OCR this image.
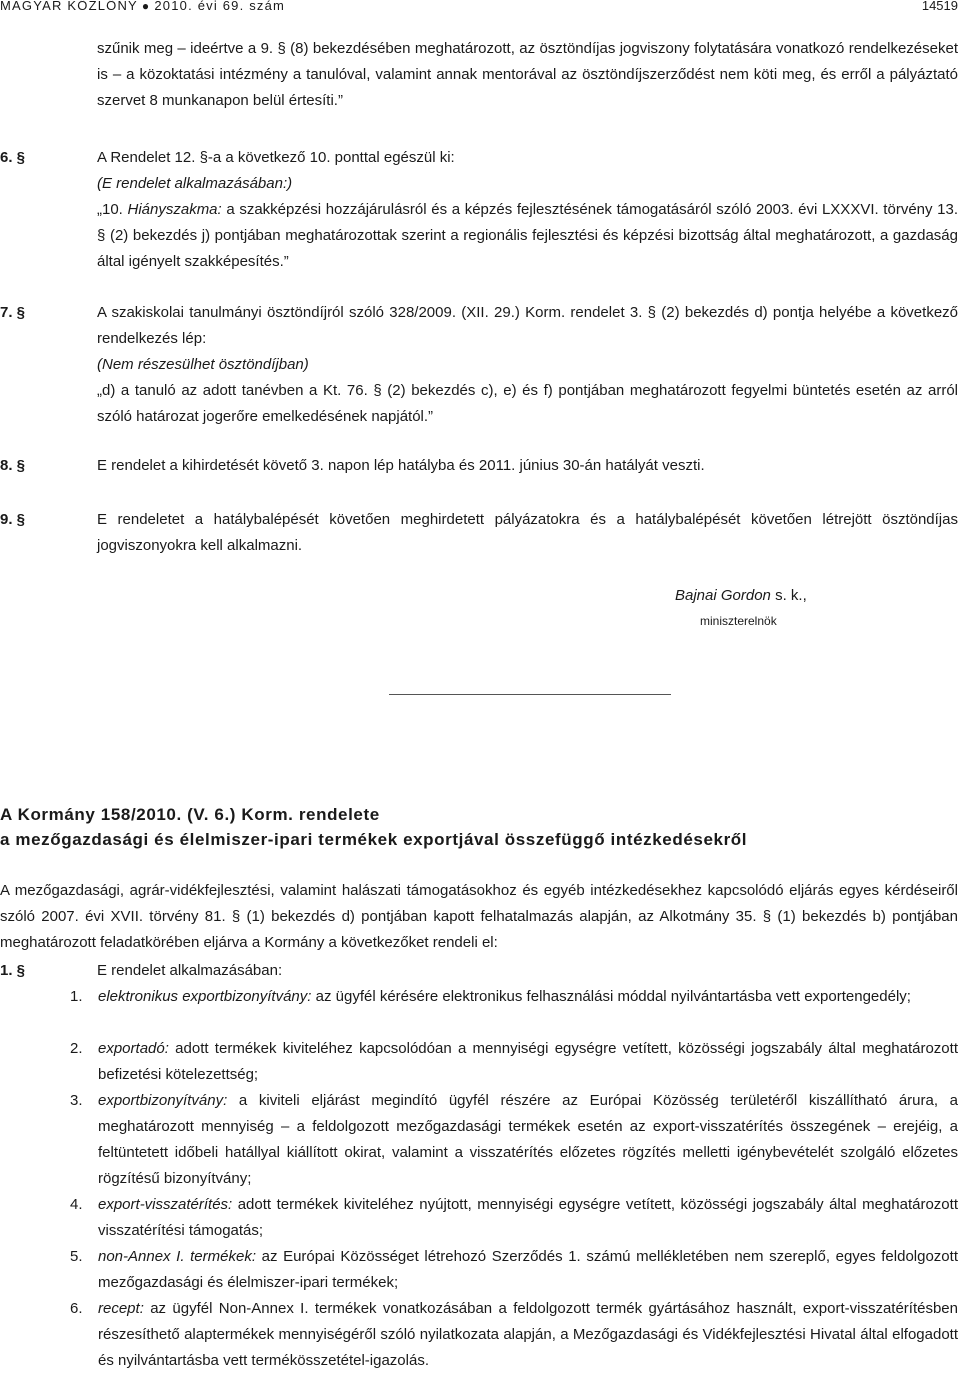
MAGYAR KÖZLÖNY ● 2010. évi 69. szám	14519
szűnik meg – ideértve a 9. § (8) bekezdésében meghatározott, az ösztöndíjas jogviszony folytatására vonatkozó rendelkezéseket is – a közoktatási intézmény a tanulóval, valamint annak mentorával az ösztöndíjszerződést nem köti meg, és erről a pályáztató szervet 8 munkanapon belül értesíti.”
6. §	A Rendelet 12. §-a a következő 10. ponttal egészül ki:
(E rendelet alkalmazásában:)
„10. Hiányszakma: a szakképzési hozzájárulásról és a képzés fejlesztésének támogatásáról szóló 2003. évi LXXXVI. törvény 13. § (2) bekezdés j) pontjában meghatározottak szerint a regionális fejlesztési és képzési bizottság által meghatározott, a gazdaság által igényelt szakképesítés.”
7. §	A szakiskolai tanulmányi ösztöndíjról szóló 328/2009. (XII. 29.) Korm. rendelet 3. § (2) bekezdés d) pontja helyébe a következő rendelkezés lép:
(Nem részesülhet ösztöndíjban)
„d) a tanuló az adott tanévben a Kt. 76. § (2) bekezdés c), e) és f) pontjában meghatározott fegyelmi büntetés esetén az arról szóló határozat jogerőre emelkedésének napjától.”
8. §	E rendelet a kihirdetését követő 3. napon lép hatályba és 2011. június 30-án hatályát veszti.
9. §	E rendeletet a hatálybalépését követően meghirdetett pályázatokra és a hatálybalépését követően létrejött ösztöndíjas jogviszonyokra kell alkalmazni.
Bajnai Gordon s. k.,
miniszterelnök
A Kormány 158/2010. (V. 6.) Korm. rendelete
a mezőgazdasági és élelmiszer-ipari termékek exportjával összefüggő intézkedésekről
A mezőgazdasági, agrár-vidékfejlesztési, valamint halászati támogatásokhoz és egyéb intézkedésekhez kapcsolódó eljárás egyes kérdéseiről szóló 2007. évi XVII. törvény 81. § (1) bekezdés d) pontjában kapott felhatalmazás alapján, az Alkotmány 35. § (1) bekezdés b) pontjában meghatározott feladatkörében eljárva a Kormány a következőket rendeli el:
1. §	E rendelet alkalmazásában:
1.	elektronikus exportbizonyítvány: az ügyfél kérésére elektronikus felhasználási móddal nyilvántartásba vett exportengedély;
2.	exportadó: adott termékek kiviteléhez kapcsolódóan a mennyiségi egységre vetített, közösségi jogszabály által meghatározott befizetési kötelezettség;
3.	exportbizonyítvány: a kiviteli eljárást megindító ügyfél részére az Európai Közösség területéről kiszállítható árura, a meghatározott mennyiség – a feldolgozott mezőgazdasági termékek esetén az export-visszatérítés összegének – erejéig, a feltüntetett időbeli hatállyal kiállított okirat, valamint a visszatérítés előzetes rögzítés melletti igénybevételét szolgáló előzetes rögzítésű bizonyítvány;
4.	export-visszatérítés: adott termékek kiviteléhez nyújtott, mennyiségi egységre vetített, közösségi jogszabály által meghatározott visszatérítési támogatás;
5.	non-Annex I. termékek: az Európai Közösséget létrehozó Szerződés 1. számú mellékletében nem szereplő, egyes feldolgozott mezőgazdasági és élelmiszer-ipari termékek;
6.	recept: az ügyfél Non-Annex I. termékek vonatkozásában a feldolgozott termék gyártásához használt, export-visszatérítésben részesíthető alaptermékek mennyiségéről szóló nyilatkozata alapján, a Mezőgazdasági és Vidékfejlesztési Hivatal által elfogadott és nyilvántartásba vett termékösszetétel-igazolás.
